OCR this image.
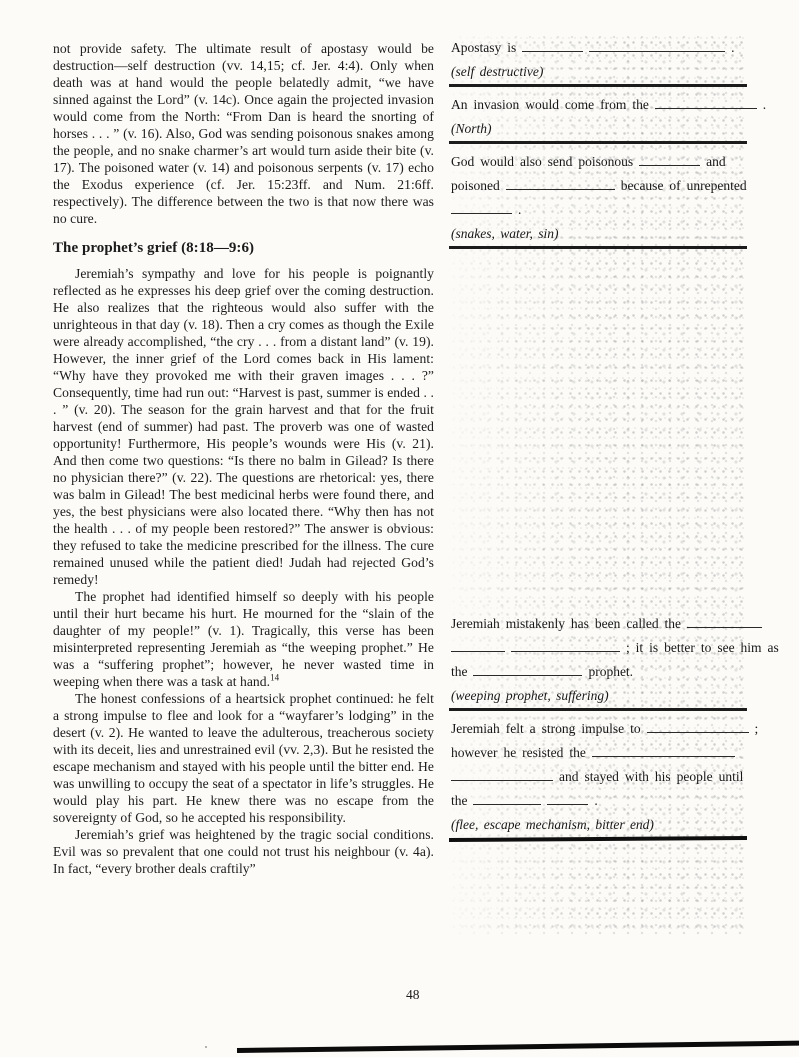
not provide safety. The ultimate result of apostasy would be destruction—self destruction (vv. 14,15; cf. Jer. 4:4). Only when death was at hand would the people belatedly admit, “we have sinned against the Lord” (v. 14c). Once again the projected invasion would come from the North: “From Dan is heard the snorting of horses . . . ” (v. 16). Also, God was sending poisonous snakes among the people, and no snake charmer’s art would turn aside their bite (v. 17). The poisoned water (v. 14) and poisonous serpents (v. 17) echo the Exodus experience (cf. Jer. 15:23ff. and Num. 21:6ff. respectively). The difference between the two is that now there was no cure.

The prophet’s grief (8:18—9:6)

Jeremiah’s sympathy and love for his people is poignantly reflected as he expresses his deep grief over the coming destruction. He also realizes that the righteous would also suffer with the unrighteous in that day (v. 18). Then a cry comes as though the Exile were already accomplished, “the cry . . . from a distant land” (v. 19). However, the inner grief of the Lord comes back in His lament: “Why have they provoked me with their graven images . . . ?” Consequently, time had run out: “Harvest is past, summer is ended . . . ” (v. 20). The season for the grain harvest and that for the fruit harvest (end of summer) had past. The proverb was one of wasted opportunity! Furthermore, His people’s wounds were His (v. 21). And then come two questions: “Is there no balm in Gilead? Is there no physician there?” (v. 22). The questions are rhetorical: yes, there was balm in Gilead! The best medicinal herbs were found there, and yes, the best physicians were also located there. “Why then has not the health . . . of my people been restored?” The answer is obvious: they refused to take the medicine prescribed for the illness. The cure remained unused while the patient died! Judah had rejected God’s remedy!

The prophet had identified himself so deeply with his people until their hurt became his hurt. He mourned for the “slain of the daughter of my people!” (v. 1). Tragically, this verse has been misinterpreted representing Jeremiah as “the weeping prophet.” He was a “suffering prophet”; however, he never wasted time in weeping when there was a task at hand.$^{14}$

The honest confessions of a heartsick prophet continued: he felt a strong impulse to flee and look for a “wayfarer’s lodging” in the desert (v. 2). He wanted to leave the adulterous, treacherous society with its deceit, lies and unrestrained evil (vv. 2,3). But he resisted the escape mechanism and stayed with his people until the bitter end. He was unwilling to occupy the seat of a spectator in life’s struggles. He would play his part. He knew there was no escape from the sovereignty of God, so he accepted his responsibility.

Jeremiah’s grief was heightened by the tragic social conditions. Evil was so prevalent that one could not trust his neighbour (v. 4a). In fact, “every brother deals craftily”

Apostasy is	.
(self destructive)
An invasion would come from the	.
(North)
God would also send poisonous	and
poisoned	because of unrepented
.
(snakes, water, sin)
Jeremiah mistakenly has been called the
; it is better to see him as
the	prophet.
(weeping prophet, suffering)
Jeremiah felt a strong impulse to	;
however he resisted the
and stayed with his people until
the	.
(flee, escape mechanism, bitter end)
48
